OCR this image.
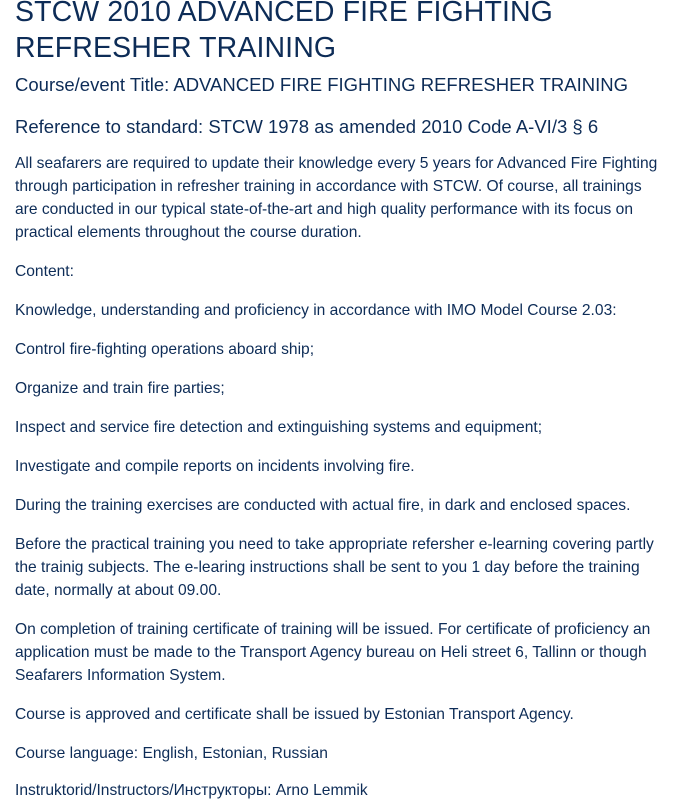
STCW 2010 ADVANCED FIRE FIGHTING REFRESHER TRAINING
Course/event Title: ADVANCED FIRE FIGHTING REFRESHER TRAINING
Reference to standard: STCW 1978 as amended 2010 Code A-VI/3 § 6

All seafarers are required to update their knowledge every 5 years for Advanced Fire Fighting through participation in refresher training in accordance with STCW. Of course, all trainings are conducted in our typical state-of-the-art and high quality performance with its focus on practical elements throughout the course duration.

Content:

Knowledge, understanding and proficiency in accordance with IMO Model Course 2.03:

Control fire-fighting operations aboard ship;

Organize and train fire parties;

Inspect and service fire detection and extinguishing systems and equipment;

Investigate and compile reports on incidents involving fire.

During the training exercises are conducted with actual fire, in dark and enclosed spaces.

Before the practical training you need to take appropriate refersher e-learning covering partly the trainig subjects. The e-learing instructions shall be sent to you 1 day before the training date, normally at about 09.00.

On completion of training certificate of training will be issued. For certificate of proficiency an application must be made to the Transport Agency bureau on Heli street 6, Tallinn or though Seafarers Information System.

Course is approved and certificate shall be issued by Estonian Transport Agency.

Course language: English, Estonian, Russian

Instruktorid/Instructors/Инструкторы: Arno Lemmik
